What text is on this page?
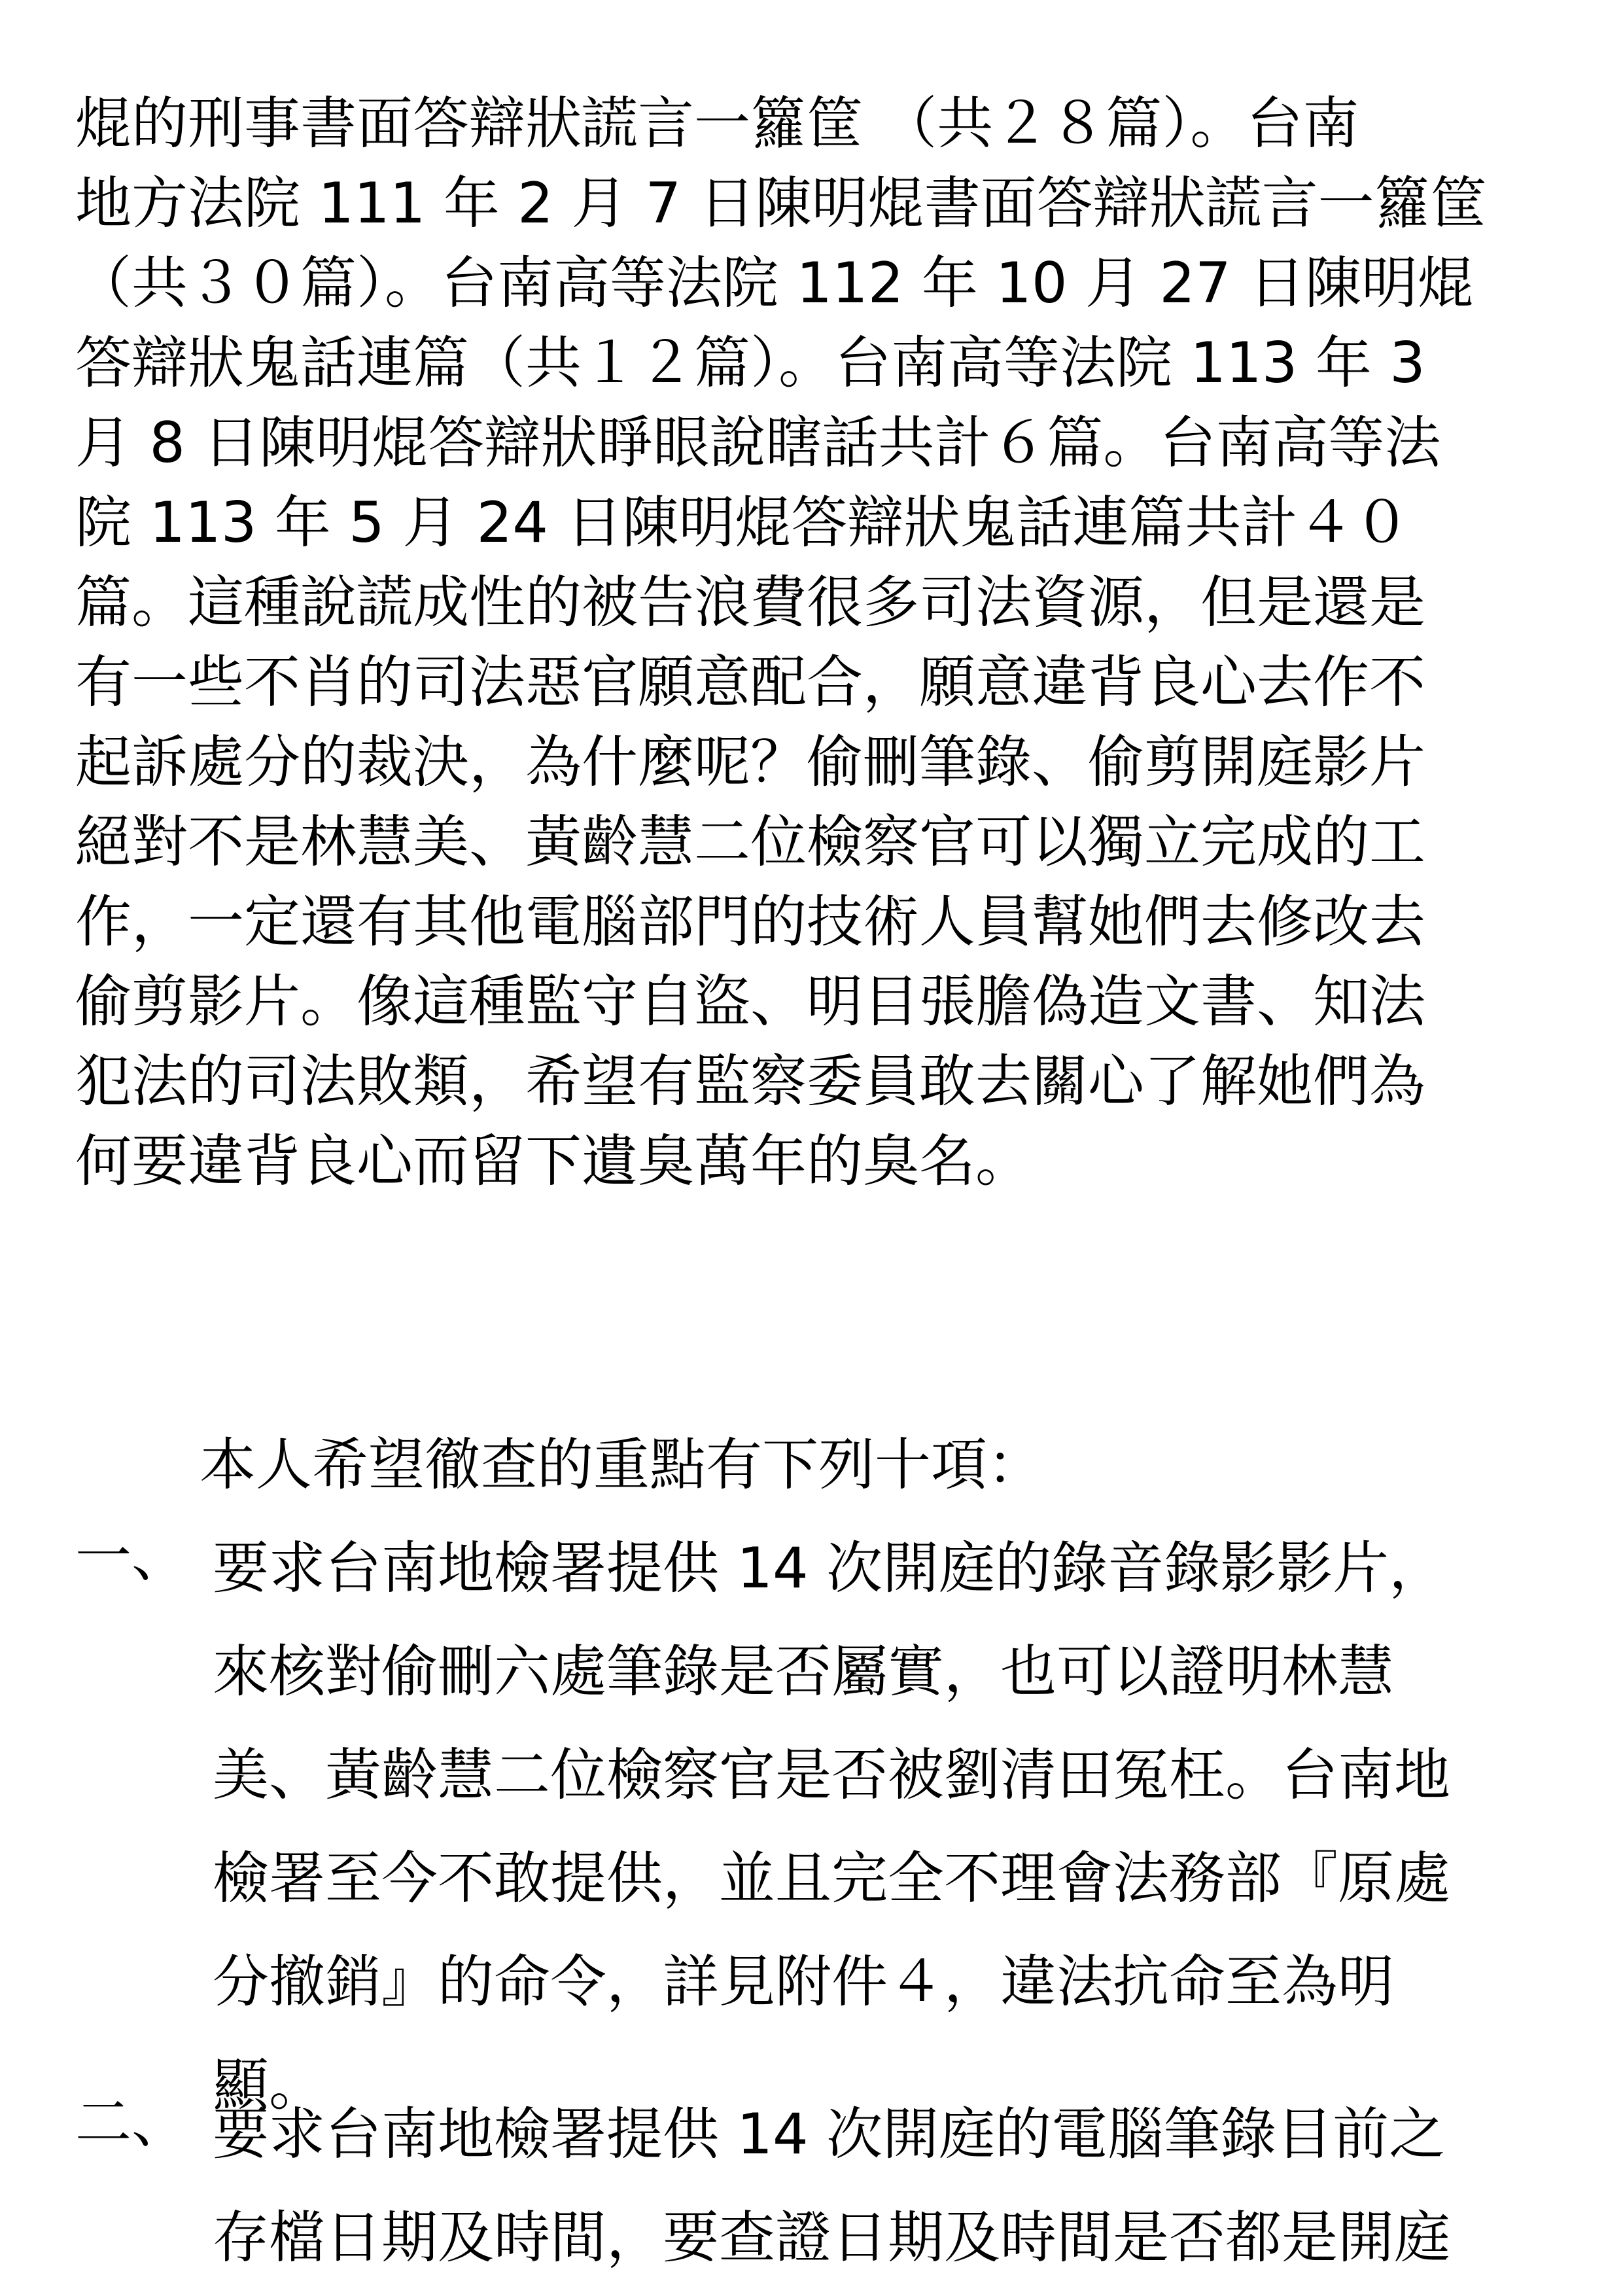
焜的刑事書面答辯狀謊言一籮筐 （共２８篇）。台南
地方法院 111 年 2 月 7 日陳明焜書面答辯狀謊言一籮筐
（共３０篇）。台南高等法院 112 年 10 月 27 日陳明焜
答辯狀鬼話連篇（共１２篇）。台南高等法院 113 年 3
月 8 日陳明焜答辯狀睜眼說瞎話共計６篇。台南高等法
院 113 年 5 月 24 日陳明焜答辯狀鬼話連篇共計４０
篇。這種說謊成性的被告浪費很多司法資源，但是還是
有一些不肖的司法惡官願意配合，願意違背良心去作不
起訴處分的裁決，為什麼呢？偷刪筆錄、偷剪開庭影片
絕對不是林慧美、黃齡慧二位檢察官可以獨立完成的工
作，一定還有其他電腦部門的技術人員幫她們去修改去
偷剪影片。像這種監守自盜、明目張膽偽造文書、知法
犯法的司法敗類，希望有監察委員敢去關心了解她們為
何要違背良心而留下遺臭萬年的臭名。
本人希望徹查的重點有下列十項：
一、 要求台南地檢署提供 14 次開庭的錄音錄影影片，
來核對偷刪六處筆錄是否屬實，也可以證明林慧
美、黃齡慧二位檢察官是否被劉清田冤枉。台南地
檢署至今不敢提供，並且完全不理會法務部『原處
分撤銷』的命令，詳見附件４，違法抗命至為明
顯。
二、 要求台南地檢署提供 14 次開庭的電腦筆錄目前之
存檔日期及時間，要查證日期及時間是否都是開庭
